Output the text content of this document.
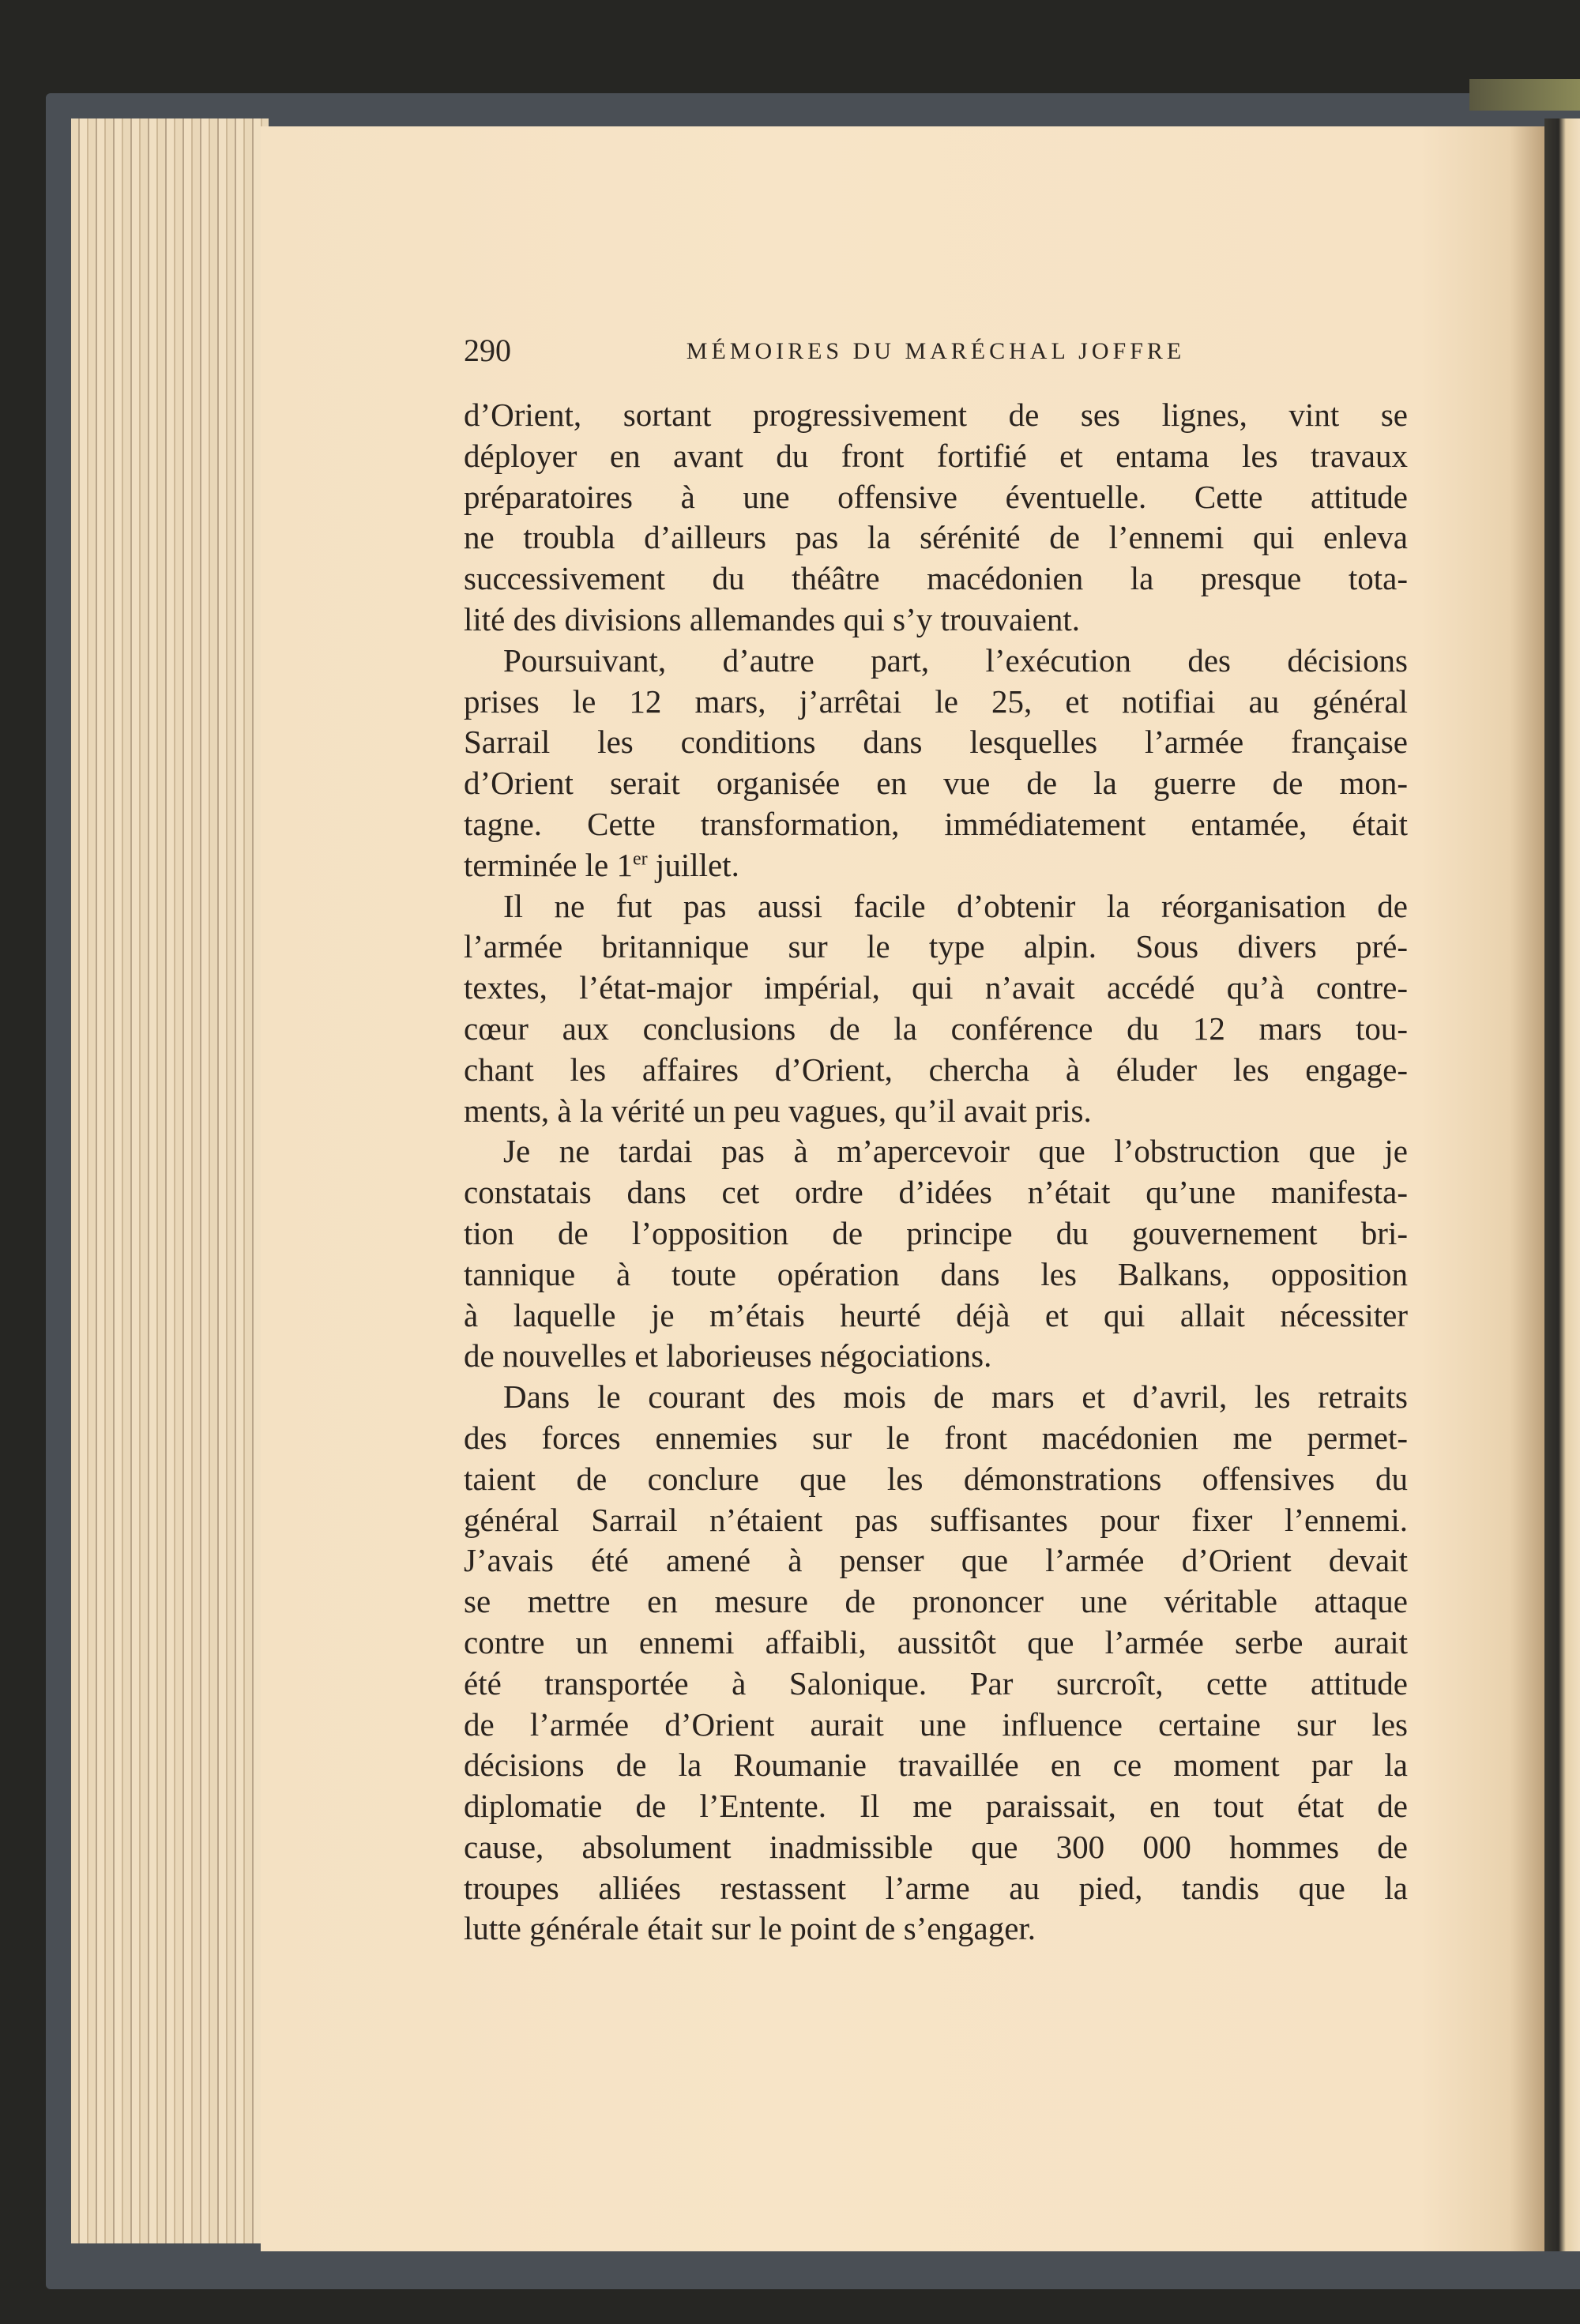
290	MÉMOIRES DU MARÉCHAL JOFFRE
d’Orient, sortant progressivement de ses lignes, vint se
déployer en avant du front fortifié et entama les travaux
préparatoires à une offensive éventuelle. Cette attitude
ne troubla d’ailleurs pas la sérénité de l’ennemi qui enleva
successivement du théâtre macédonien la presque tota-
lité des divisions allemandes qui s’y trouvaient.
Poursuivant, d’autre part, l’exécution des décisions
prises le 12 mars, j’arrêtai le 25, et notifiai au général
Sarrail les conditions dans lesquelles l’armée française
d’Orient serait organisée en vue de la guerre de mon-
tagne. Cette transformation, immédiatement entamée, était
terminée le 1er juillet.
Il ne fut pas aussi facile d’obtenir la réorganisation de
l’armée britannique sur le type alpin. Sous divers pré-
textes, l’état-major impérial, qui n’avait accédé qu’à contre-
cœur aux conclusions de la conférence du 12 mars tou-
chant les affaires d’Orient, chercha à éluder les engage-
ments, à la vérité un peu vagues, qu’il avait pris.
Je ne tardai pas à m’apercevoir que l’obstruction que je
constatais dans cet ordre d’idées n’était qu’une manifesta-
tion de l’opposition de principe du gouvernement bri-
tannique à toute opération dans les Balkans, opposition
à laquelle je m’étais heurté déjà et qui allait nécessiter
de nouvelles et laborieuses négociations.
Dans le courant des mois de mars et d’avril, les retraits
des forces ennemies sur le front macédonien me permet-
taient de conclure que les démonstrations offensives du
général Sarrail n’étaient pas suffisantes pour fixer l’ennemi.
J’avais été amené à penser que l’armée d’Orient devait
se mettre en mesure de prononcer une véritable attaque
contre un ennemi affaibli, aussitôt que l’armée serbe aurait
été transportée à Salonique. Par surcroît, cette attitude
de l’armée d’Orient aurait une influence certaine sur les
décisions de la Roumanie travaillée en ce moment par la
diplomatie de l’Entente. Il me paraissait, en tout état de
cause, absolument inadmissible que 300 000 hommes de
troupes alliées restassent l’arme au pied, tandis que la
lutte générale était sur le point de s’engager.
